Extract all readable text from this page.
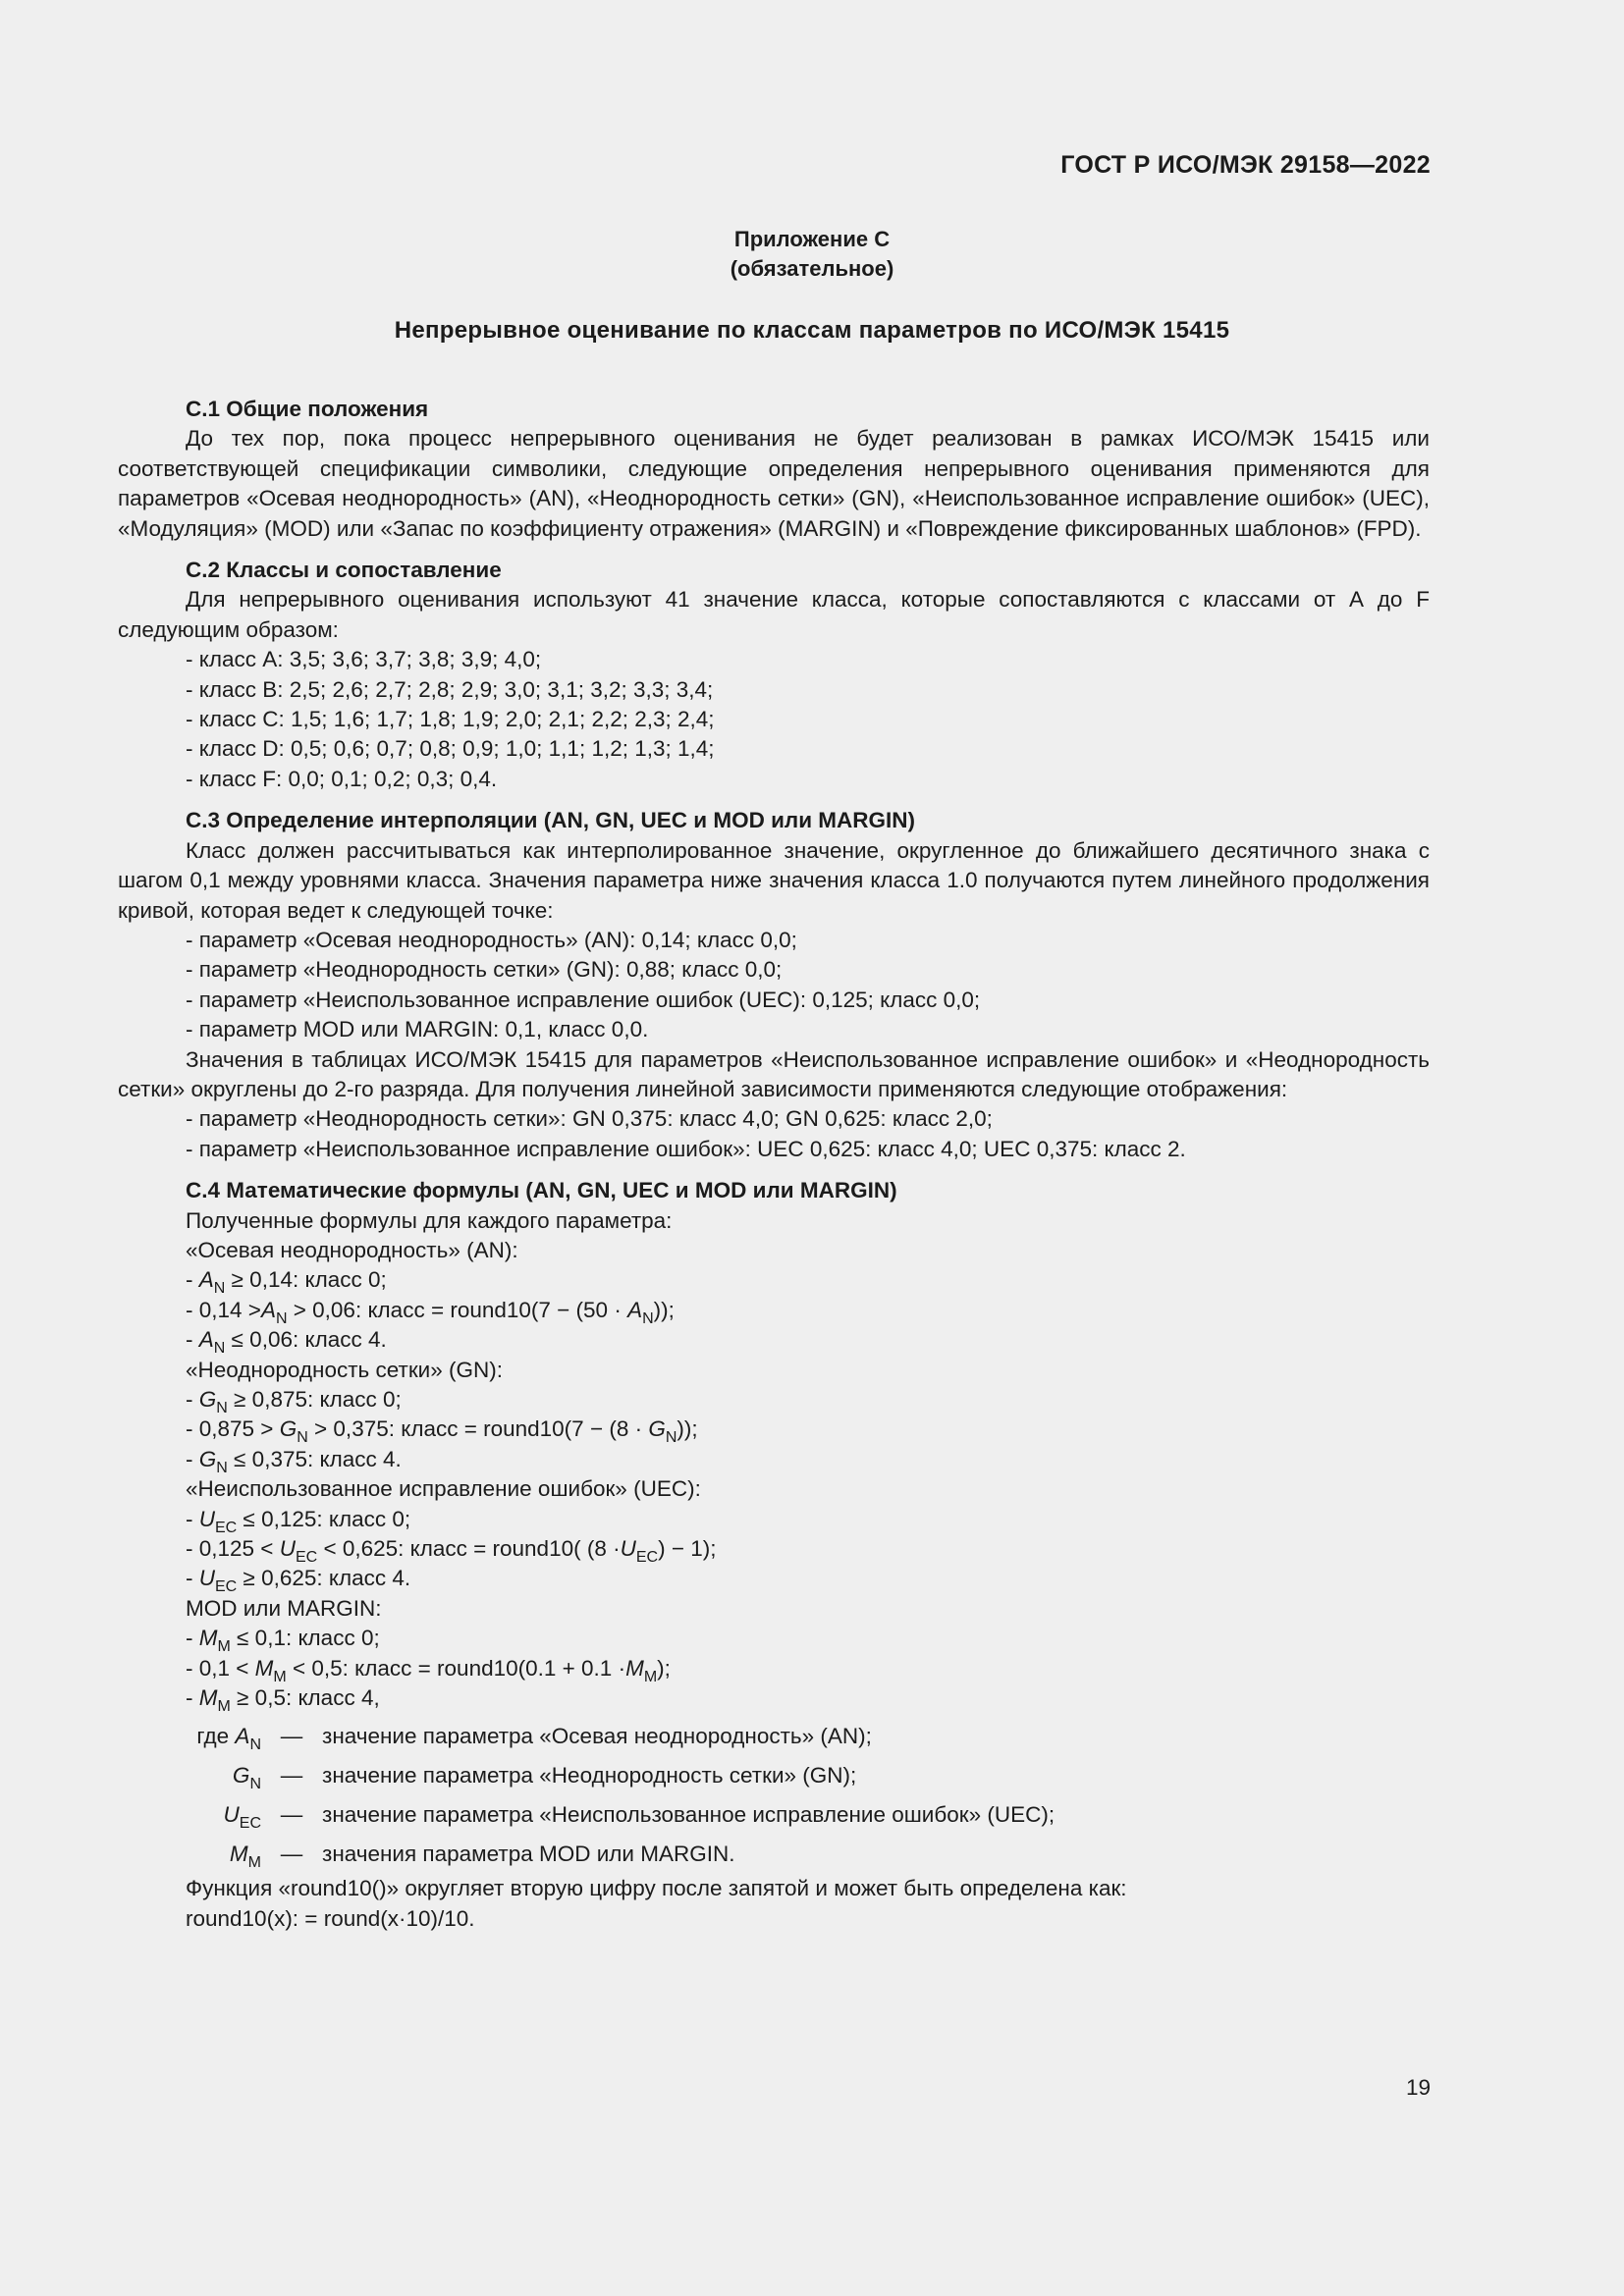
ГОСТ Р ИСО/МЭК 29158—2022
Приложение С
(обязательное)
Непрерывное оценивание по классам параметров по ИСО/МЭК 15415
С.1 Общие положения

До тех пор, пока процесс непрерывного оценивания не будет реализован в рамках ИСО/МЭК 15415 или соответствующей спецификации символики, следующие определения непрерывного оценивания применяются для параметров «Осевая неоднородность» (AN), «Неоднородность сетки» (GN), «Неиспользованное исправление ошибок» (UEC), «Модуляция» (MOD) или «Запас по коэффициенту отражения» (MARGIN) и «Повреждение фиксированных шаблонов» (FPD).

С.2 Классы и сопоставление

Для непрерывного оценивания используют 41 значение класса, которые сопоставляются с классами от А до F следующим образом:

- класс A: 3,5; 3,6; 3,7; 3,8; 3,9; 4,0;
- класс B: 2,5; 2,6; 2,7; 2,8; 2,9; 3,0; 3,1; 3,2; 3,3; 3,4;
- класс C: 1,5; 1,6; 1,7; 1,8; 1,9; 2,0; 2,1; 2,2; 2,3; 2,4;
- класс D: 0,5; 0,6; 0,7; 0,8; 0,9; 1,0; 1,1; 1,2; 1,3; 1,4;
- класс F: 0,0; 0,1; 0,2; 0,3; 0,4.
С.3 Определение интерполяции (AN, GN, UEC и MOD или MARGIN)

Класс должен рассчитываться как интерполированное значение, округленное до ближайшего десятичного знака с шагом 0,1 между уровнями класса. Значения параметра ниже значения класса 1.0 получаются путем линейного продолжения кривой, которая ведет к следующей точке:

- параметр «Осевая неоднородность» (AN): 0,14; класс 0,0;
- параметр «Неоднородность сетки» (GN): 0,88; класс 0,0;
- параметр «Неиспользованное исправление ошибок (UEC): 0,125; класс 0,0;
- параметр MOD или MARGIN: 0,1, класс 0,0.

Значения в таблицах ИСО/МЭК 15415 для параметров «Неиспользованное исправление ошибок» и «Неоднородность сетки» округлены до 2-го разряда. Для получения линейной зависимости применяются следующие отображения:

- параметр «Неоднородность сетки»: GN 0,375: класс 4,0; GN 0,625: класс 2,0;
- параметр «Неиспользованное исправление ошибок»: UEC 0,625: класс 4,0; UEC 0,375: класс 2.
С.4 Математические формулы (AN, GN, UEC и MOD или MARGIN)
Полученные формулы для каждого параметра:
«Осевая неоднородность» (AN):
- $A_N \ge 0,14$: класс 0;
- $0,14 >A_N > 0,06$: класс = round10(7 − $(50 \cdot A_N)$);
- $A_N \le 0,06$: класс 4.
«Неоднородность сетки» (GN):
- $G_N \ge 0,875$: класс 0;
- $0,875 > G_N > 0,375$: класс = round10(7 − $(8 \cdot G_N)$);
- $G_N \le 0,375$: класс 4.
«Неиспользованное исправление ошибок» (UEC):
- $U_{EC} \le 0,125$: класс 0;
- $0,125 < U_{EC} < 0,625$: класс = round10( $(8 \cdot U_{EC}) - 1$);
- $U_{EC} \ge 0,625$: класс 4.
MOD или MARGIN:
- $M_M \le 0,1$: класс 0;
- $0,1 < M_M < 0,5$: класс = round10(0.1 + $0.1 \cdot M_M$);
- $M_M \ge 0,5$: класс 4,
где $A_N$ — значение параметра «Осевая неоднородность» (AN);
$G_N$ — значение параметра «Неоднородность сетки» (GN);
$U_{EC}$ — значение параметра «Неиспользованное исправление ошибок» (UEC);
$M_M$ — значения параметра MOD или MARGIN.
Функция «round10()» округляет вторую цифру после запятой и может быть определена как:
round10(x): = round(x·10)/10.
19
